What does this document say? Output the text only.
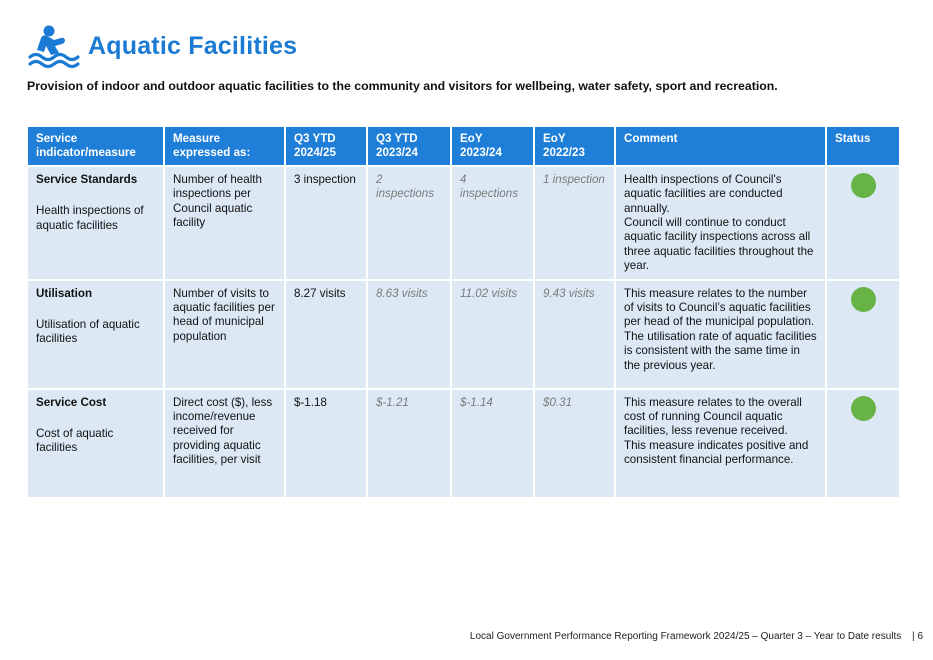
Aquatic Facilities
Provision of indoor and outdoor aquatic facilities to the community and visitors for wellbeing, water safety, sport and recreation.
Service indicator/measure	Measure expressed as:	Q3 YTD 2024/25	Q3 YTD 2023/24	EoY 2023/24	EoY 2022/23	Comment	Status

Service Standards
Health inspections of aquatic facilities	Number of health inspections per Council aquatic facility	3 inspection	2 inspections	4 inspections	1 inspection	Health inspections of Council's aquatic facilities are conducted annually.
Council will continue to conduct aquatic facility inspections across all three aquatic facilities throughout the year.	

Utilisation
Utilisation of aquatic facilities	Number of visits to aquatic facilities per head of municipal population	8.27 visits	8.63 visits	11.02 visits	9.43 visits	This measure relates to the number of visits to Council’s aquatic facilities per head of the municipal population.
The utilisation rate of aquatic facilities is consistent with the same time in the previous year.	

Service Cost
Cost of aquatic facilities	Direct cost ($), less income/revenue received for providing aquatic facilities, per visit	$-1.18	$-1.21	$-1.14	$0.31	This measure relates to the overall cost of running Council aquatic facilities, less revenue received.
This measure indicates positive and consistent financial performance.	
Local Government Performance Reporting Framework 2024/25 – Quarter 3 – Year to Date results | 6
